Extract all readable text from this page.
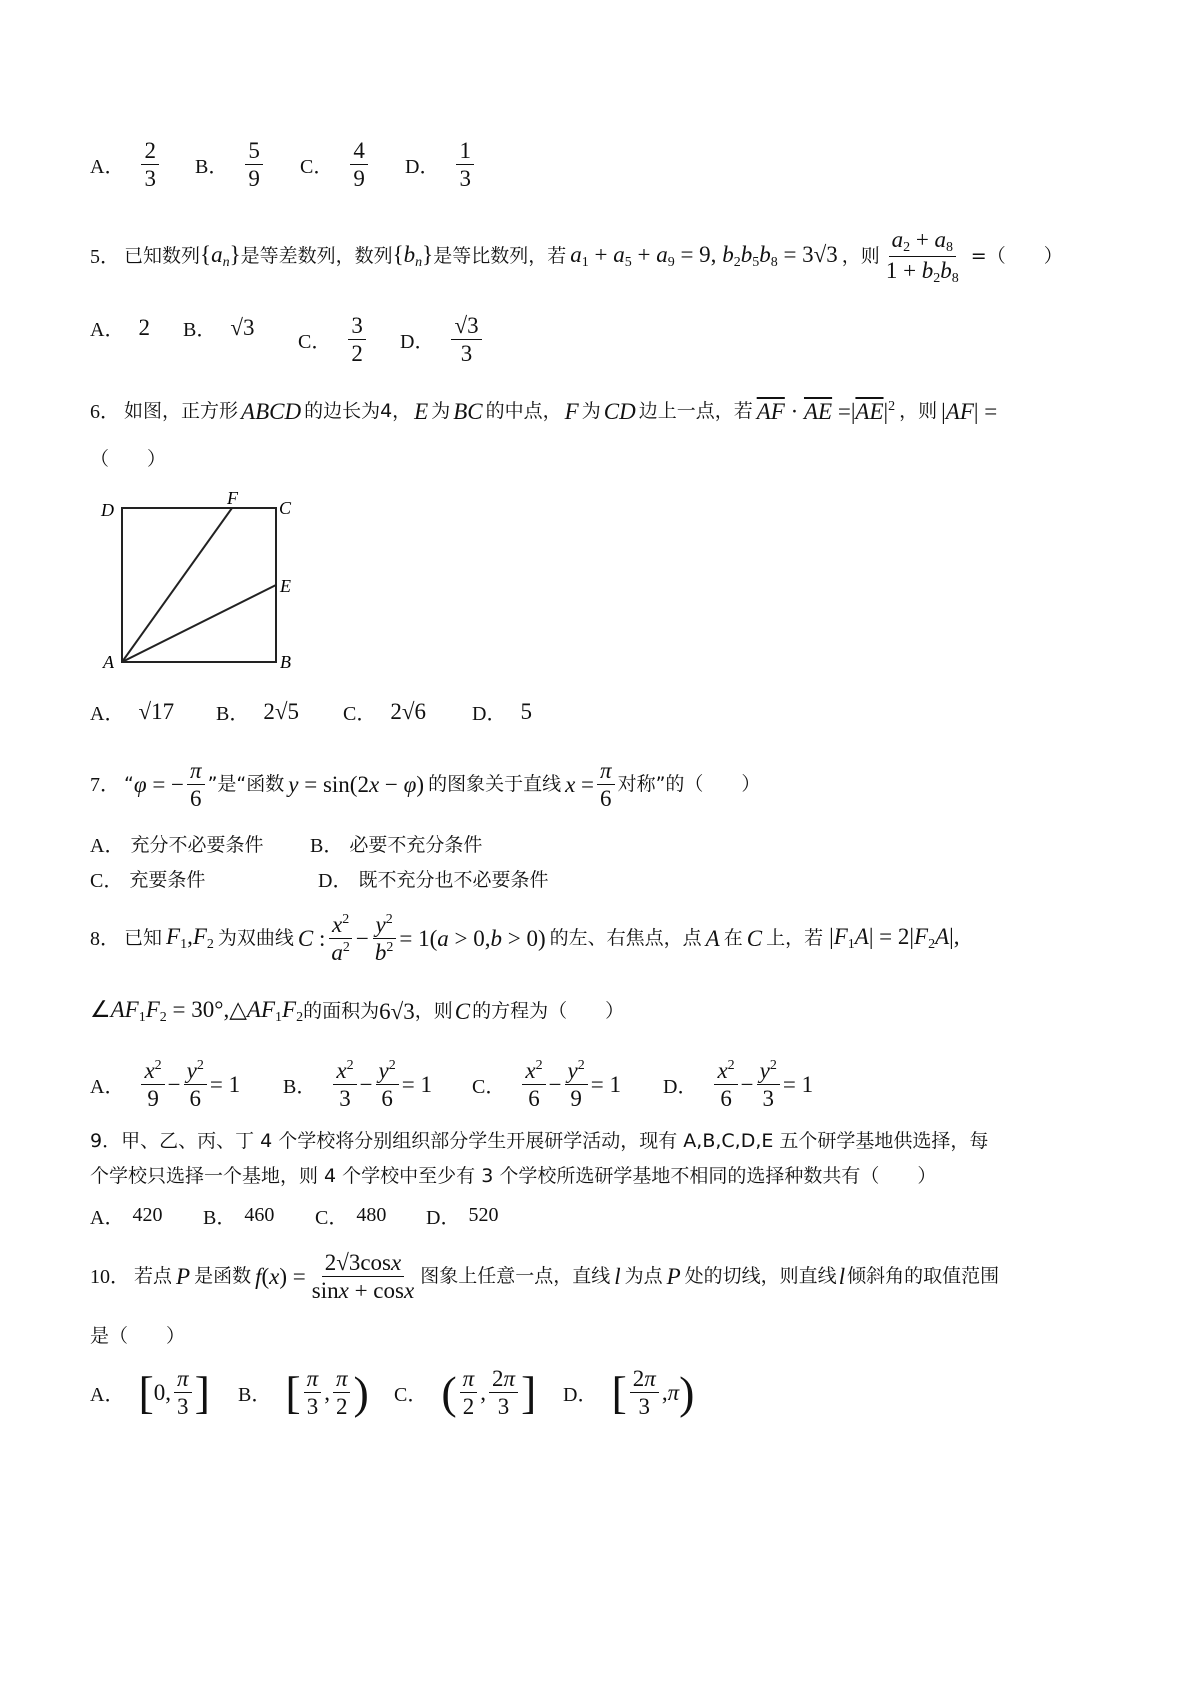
A． $\frac{2}{3}$ B． $\frac{5}{9}$ C． $\frac{4}{9}$ D． $\frac{1}{3}$
5． 已知数列 $\{a_n\}$ 是等差数列，数列 $\{b_n\}$ 是等比数列，若 $a_1 + a_5 + a_9 = 9$, $b_2b_5b_8 = 3√3$ ，则 $\frac{a_2 + a_8}{1 + b_2b_8}$ =（　　）
A． 2 B． √3
C． $\frac{3}{2}$ D． $\frac{√3}{3}$
6． 如图，正方形 ABCD 的边长为4， E 为 BC 的中点， F 为 CD 边上一点，若 $\overline{AF} \cdot \overline{AE} =|\overline{AE}|^2$ ，则 |AF| =
（　　）
D
F C
E
A	B
A． √17 B． 2√5 C． 2√6 D． 5
7． “ φ = − $\frac{\pi}{6}$ ” 是“函数 y = sin(2x − φ) 的图象关于直线 $x = \frac{\pi}{6}$ 对称”的（　　）
A． 充分不必要条件 B． 必要不充分条件
C． 充要条件	D． 既不充分也不必要条件
8． 已知 $F_1,F_2$ 为双曲线 C : $\frac{x^2}{a^2} - \frac{y^2}{b^2} = 1(a > 0,b > 0)$ 的左、右焦点，点 A 在 C 上，若 $|F_1A| = 2|F_2A|$,
$\angle AF_1F_2$ = $30^\circ,\triangle AF_1F_2$ 的面积为 6√3 ，则 C 的方程为（　　）
A． $\frac{x^2}{9} - \frac{y^2}{6} = 1$ B． $\frac{x^2}{3} - \frac{y^2}{6} = 1$ C． $\frac{x^2}{6} - \frac{y^2}{9} = 1$ D． $\frac{x^2}{6} - \frac{y^2}{3} = 1$
9．甲、乙、丙、丁 4 个学校将分别组织部分学生开展研学活动，现有 A,B,C,D,E 五个研学基地供选择，每
个学校只选择一个基地，则 4 个学校中至少有 3 个学校所选研学基地不相同的选择种数共有（　　）
A． 420 B． 460 C． 480 D． 520
10． 若点 P 是函数 $f(x) = \frac{2√3\cos x}{\sin x + \cos x}$ 图象上任意一点，直线 l 为点 P 处的切线，则直线 l 倾斜角的取值范围
是（　　）
A． [ 0, $\frac{\pi}{3}$ ] B． [ $\frac{\pi}{3}$ , $\frac{\pi}{2}$ ) C． ( $\frac{\pi}{2}$ , $\frac{2\pi}{3}$ ] D． [ $\frac{2\pi}{3} ,\pi$ )
